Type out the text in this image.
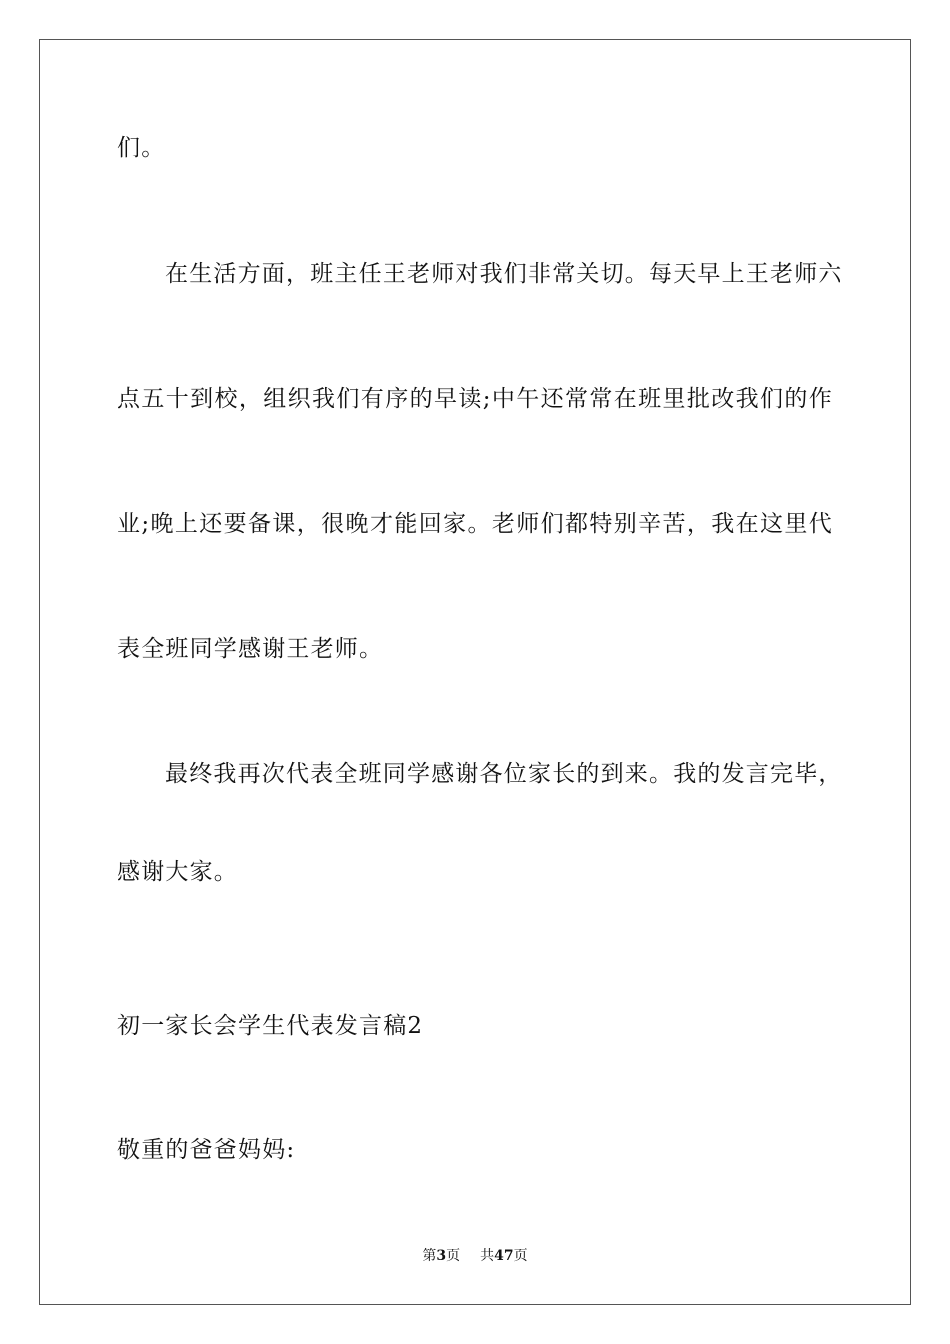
们。
在生活方面，班主任王老师对我们非常关切。每天早上王老师六
点五十到校，组织我们有序的早读;中午还常常在班里批改我们的作
业;晚上还要备课，很晚才能回家。老师们都特别辛苦，我在这里代
表全班同学感谢王老师。
最终我再次代表全班同学感谢各位家长的到来。我的发言完毕，
感谢大家。
初一家长会学生代表发言稿2
敬重的爸爸妈妈:
第3页 共47页
